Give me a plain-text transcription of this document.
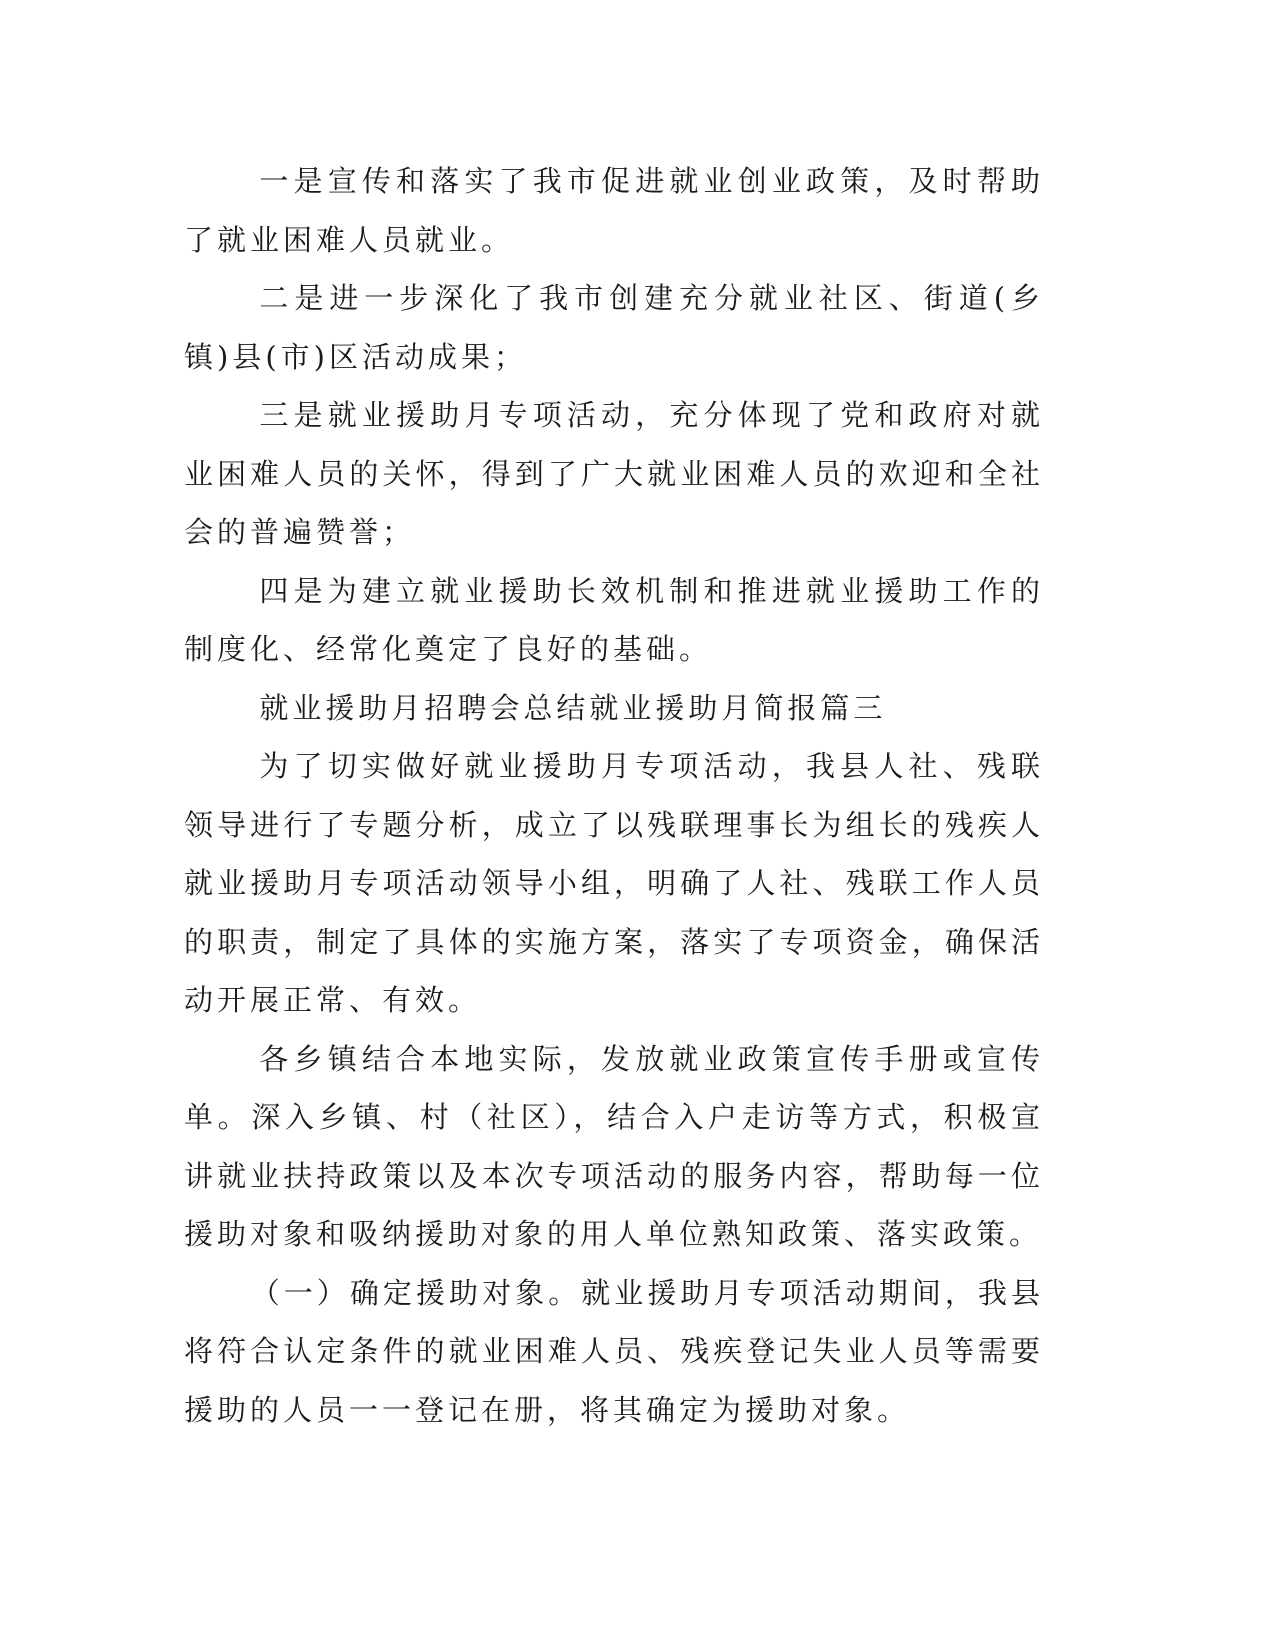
一是宣传和落实了我市促进就业创业政策，及时帮助了就业困难人员就业。

二是进一步深化了我市创建充分就业社区、街道(乡镇)县(市)区活动成果；

三是就业援助月专项活动，充分体现了党和政府对就业困难人员的关怀，得到了广大就业困难人员的欢迎和全社会的普遍赞誉；

四是为建立就业援助长效机制和推进就业援助工作的制度化、经常化奠定了良好的基础。

就业援助月招聘会总结就业援助月简报篇三

为了切实做好就业援助月专项活动，我县人社、残联领导进行了专题分析，成立了以残联理事长为组长的残疾人就业援助月专项活动领导小组，明确了人社、残联工作人员的职责，制定了具体的实施方案，落实了专项资金，确保活动开展正常、有效。

各乡镇结合本地实际，发放就业政策宣传手册或宣传单。深入乡镇、村（社区），结合入户走访等方式，积极宣讲就业扶持政策以及本次专项活动的服务内容，帮助每一位援助对象和吸纳援助对象的用人单位熟知政策、落实政策。

（一）确定援助对象。就业援助月专项活动期间，我县将符合认定条件的就业困难人员、残疾登记失业人员等需要援助的人员一一登记在册，将其确定为援助对象。
